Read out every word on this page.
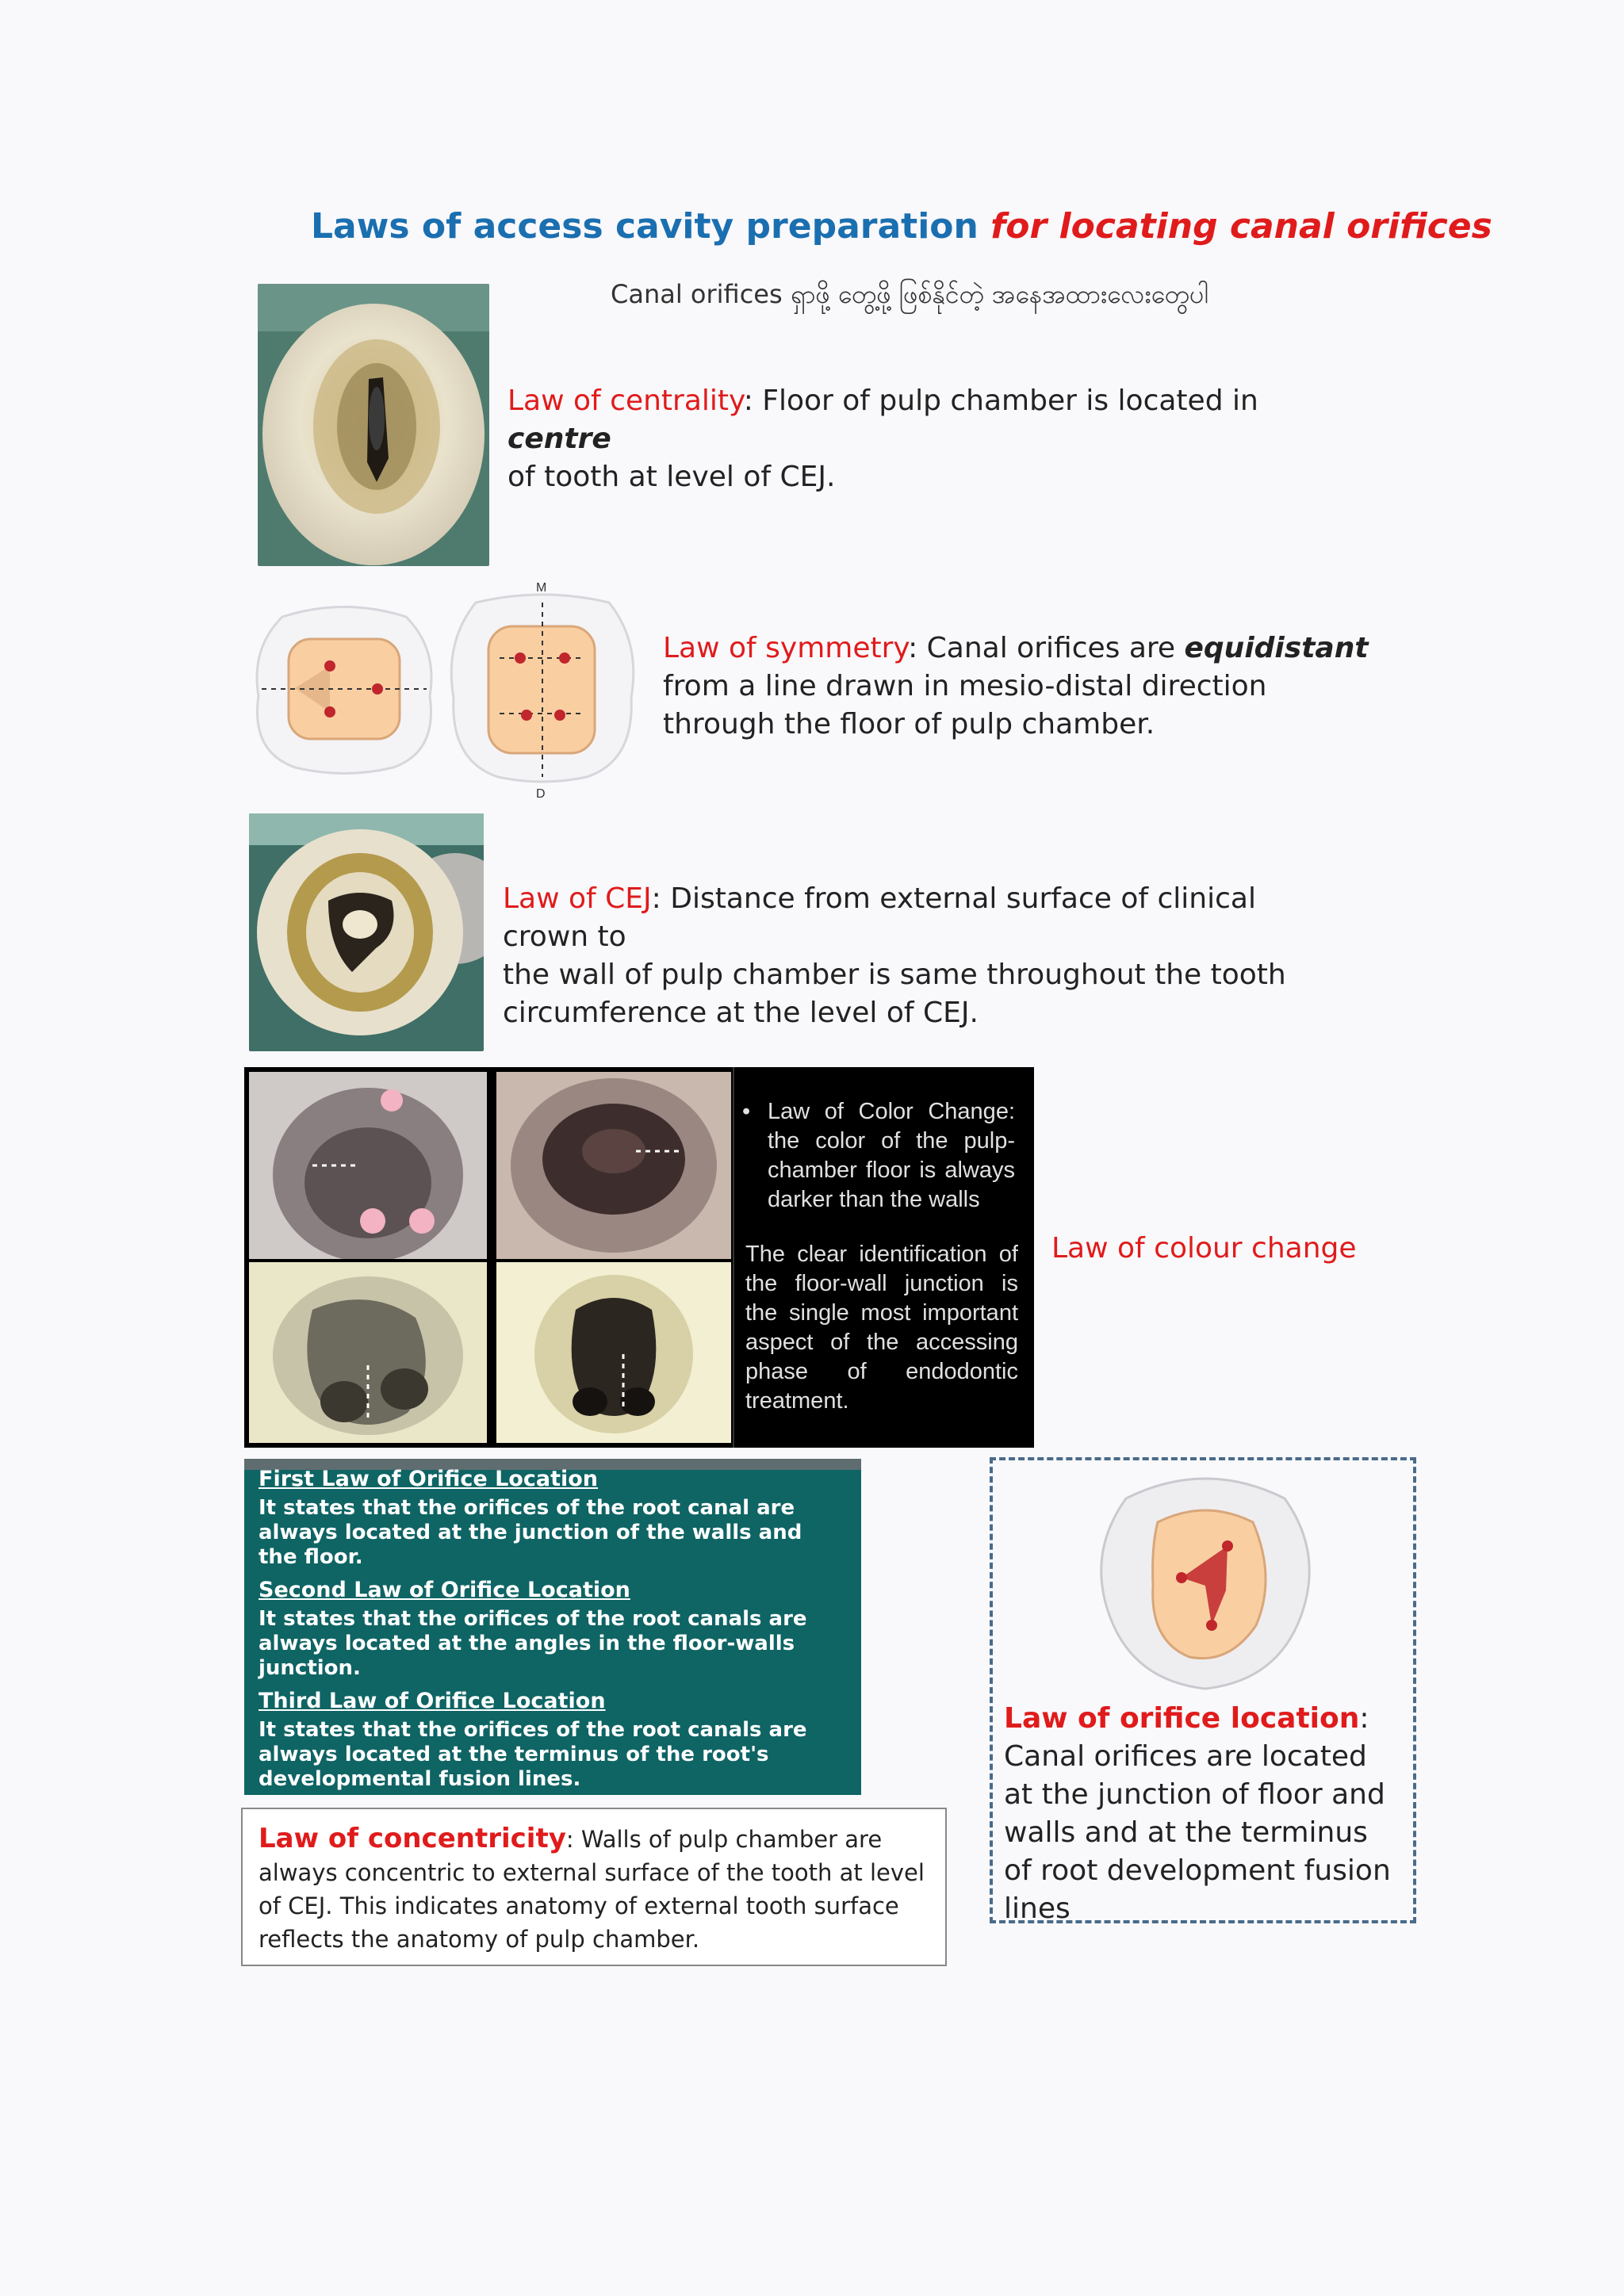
Laws of access cavity preparation for locating canal orifices
Canal orifices ရှာဖို့ တွေ့ဖို့ ဖြစ်နိုင်တဲ့ အနေအထားလေးတွေပါ
Law of centrality: Floor of pulp chamber is located in centre
of tooth at level of CEJ.
M
D
Law of symmetry: Canal orifices are equidistant
from a line drawn in mesio-distal direction
through the floor of pulp chamber.
Law of CEJ: Distance from external surface of clinical crown to
the wall of pulp chamber is same throughout the tooth
circumference at the level of CEJ.
• Law of Color Change: the color of the pulp-chamber floor is always darker than the walls
The clear identification of the floor-wall junction is the single most important aspect of the accessing phase of endodontic treatment.
Law of colour change
First Law of Orifice Location
It states that the orifices of the root canal are always located at the junction of the walls and the floor.
Second Law of Orifice Location
It states that the orifices of the root canals are always located at the angles in the floor-walls junction.
Third Law of Orifice Location
It states that the orifices of the root canals are always located at the terminus of the root's developmental fusion lines.
Law of concentricity: Walls of pulp chamber are always concentric to external surface of the tooth at level of CEJ. This indicates anatomy of external tooth surface reflects the anatomy of pulp chamber.
Law of orifice location: Canal orifices are located at the junction of floor and walls and at the terminus of root development fusion lines
